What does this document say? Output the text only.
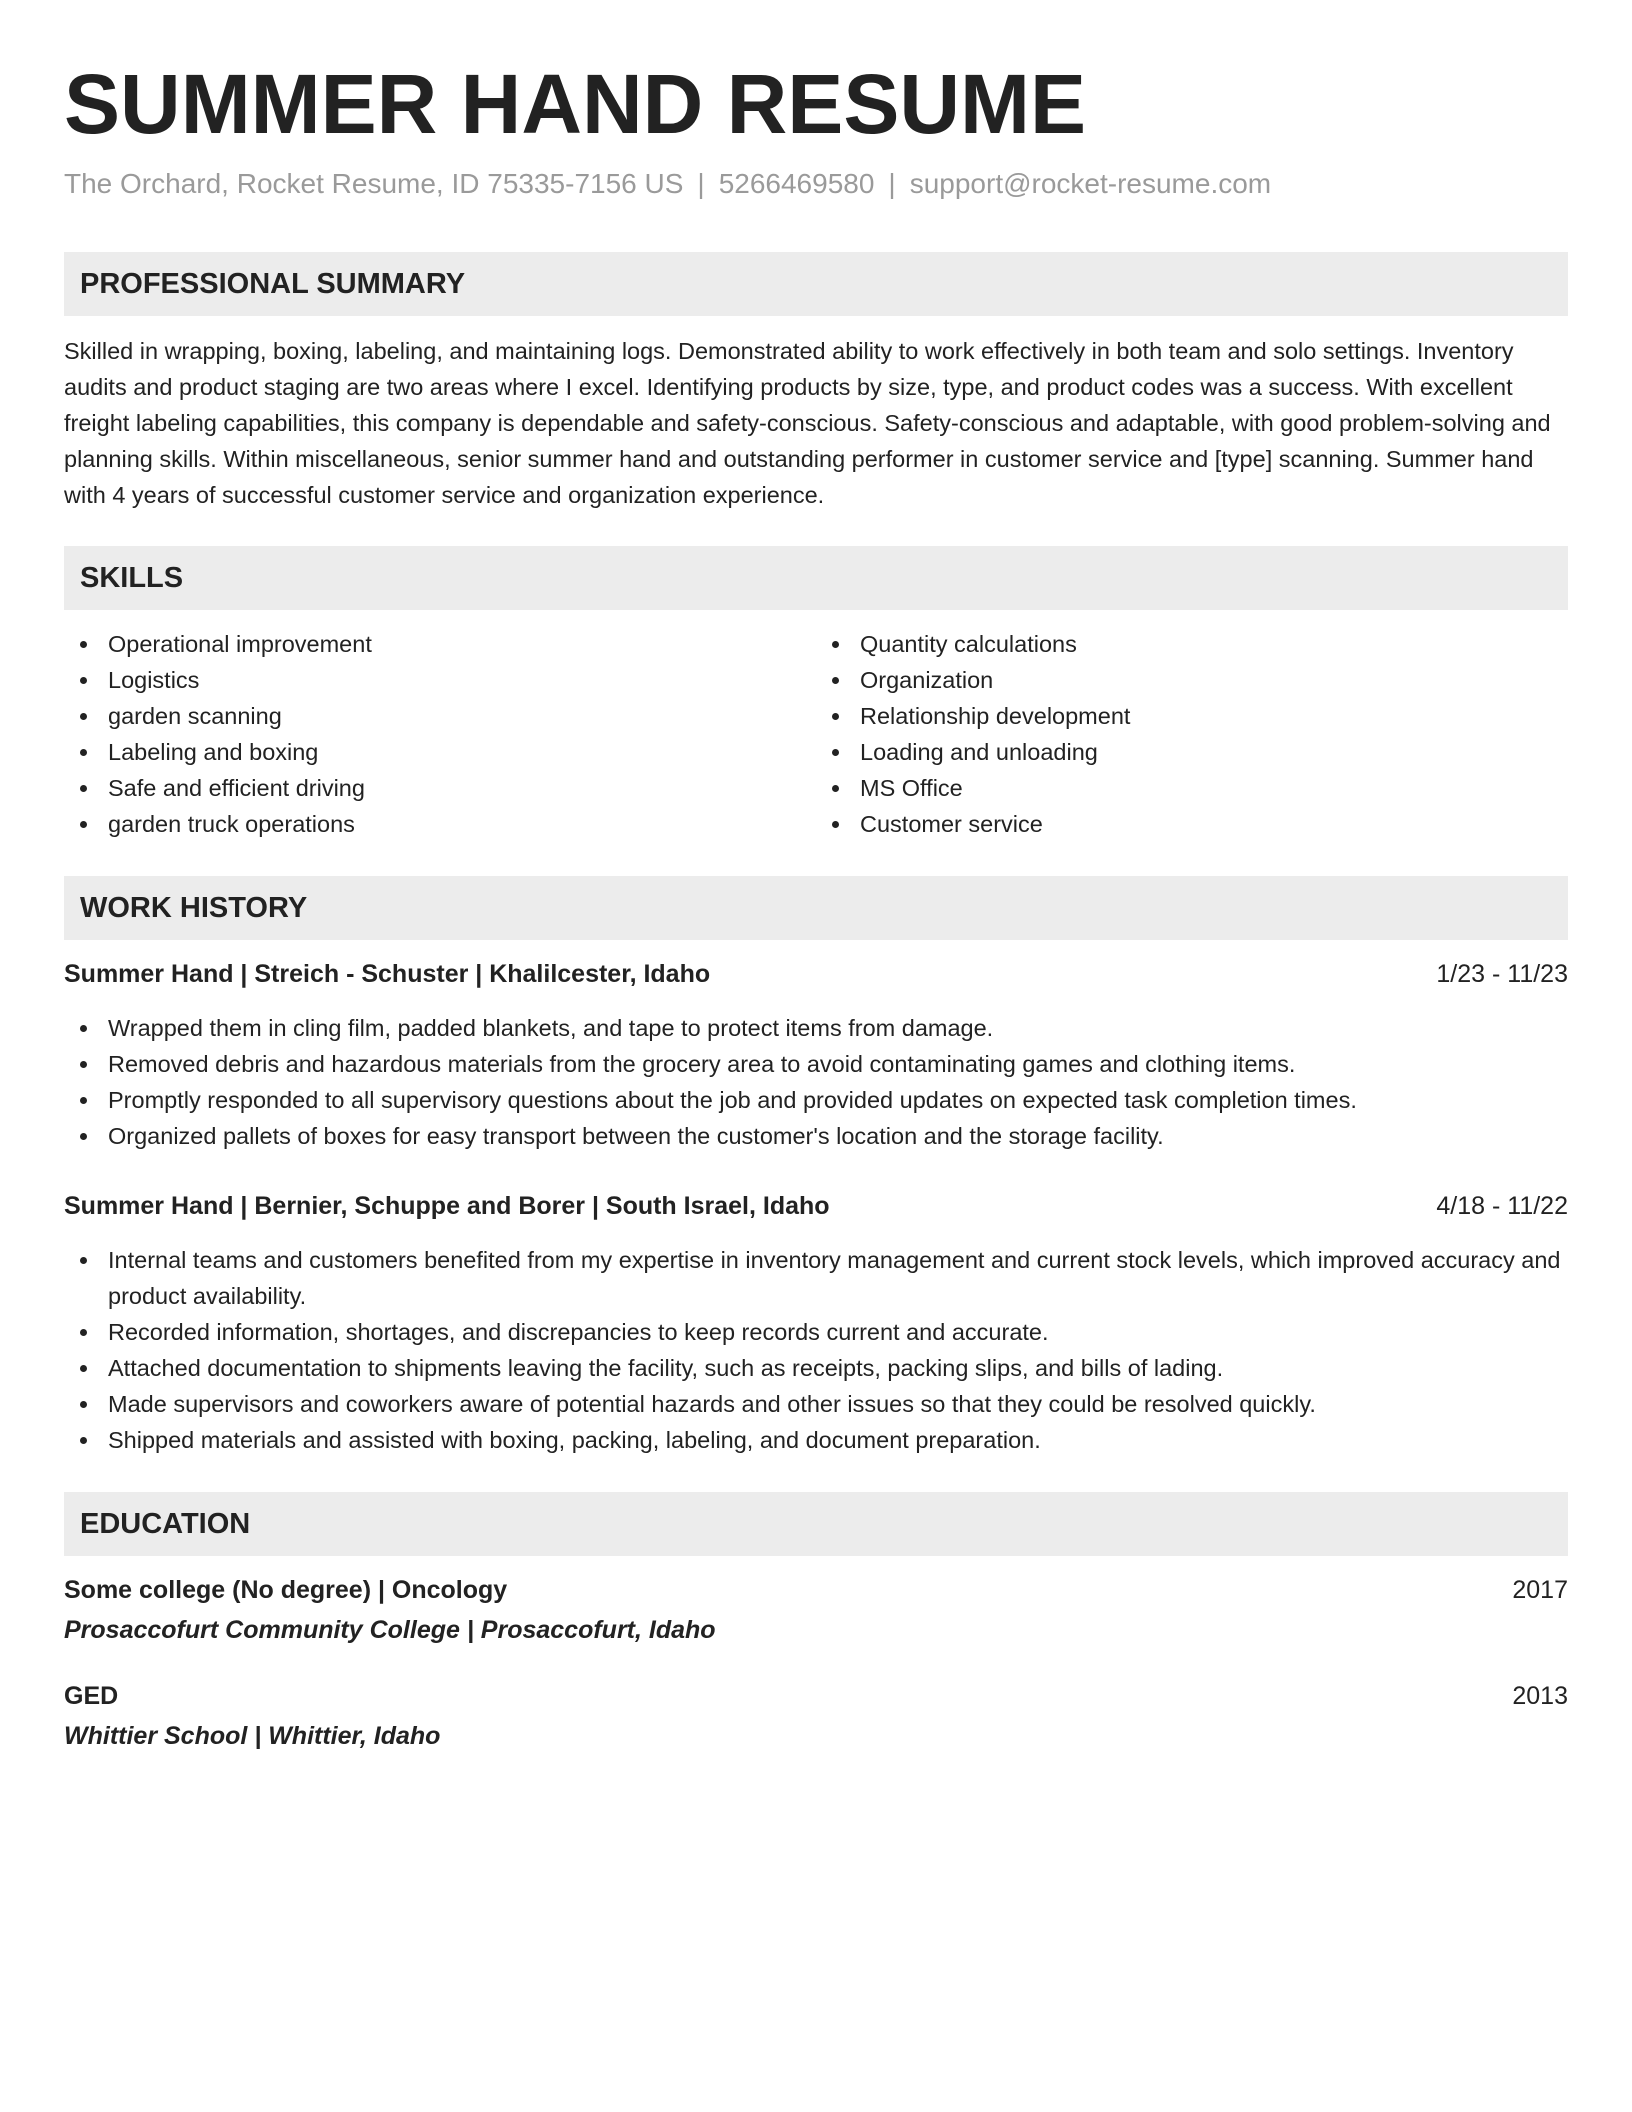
SUMMER HAND RESUME
The Orchard, Rocket Resume, ID 75335-7156 US | 5266469580 | support@rocket-resume.com
PROFESSIONAL SUMMARY
Skilled in wrapping, boxing, labeling, and maintaining logs. Demonstrated ability to work effectively in both team and solo settings. Inventory audits and product staging are two areas where I excel. Identifying products by size, type, and product codes was a success. With excellent freight labeling capabilities, this company is dependable and safety-conscious. Safety-conscious and adaptable, with good problem-solving and planning skills. Within miscellaneous, senior summer hand and outstanding performer in customer service and [type] scanning. Summer hand with 4 years of successful customer service and organization experience.
SKILLS
Operational improvement
Logistics
garden scanning
Labeling and boxing
Safe and efficient driving
garden truck operations
Quantity calculations
Organization
Relationship development
Loading and unloading
MS Office
Customer service
WORK HISTORY
Summer Hand | Streich - Schuster | Khalilcester, Idaho	1/23 - 11/23
Wrapped them in cling film, padded blankets, and tape to protect items from damage.
Removed debris and hazardous materials from the grocery area to avoid contaminating games and clothing items.
Promptly responded to all supervisory questions about the job and provided updates on expected task completion times.
Organized pallets of boxes for easy transport between the customer's location and the storage facility.
Summer Hand | Bernier, Schuppe and Borer | South Israel, Idaho	4/18 - 11/22
Internal teams and customers benefited from my expertise in inventory management and current stock levels, which improved accuracy and product availability.
Recorded information, shortages, and discrepancies to keep records current and accurate.
Attached documentation to shipments leaving the facility, such as receipts, packing slips, and bills of lading.
Made supervisors and coworkers aware of potential hazards and other issues so that they could be resolved quickly.
Shipped materials and assisted with boxing, packing, labeling, and document preparation.
EDUCATION
Some college (No degree) | Oncology	2017
Prosaccofurt Community College | Prosaccofurt, Idaho
GED	2013
Whittier School | Whittier, Idaho
